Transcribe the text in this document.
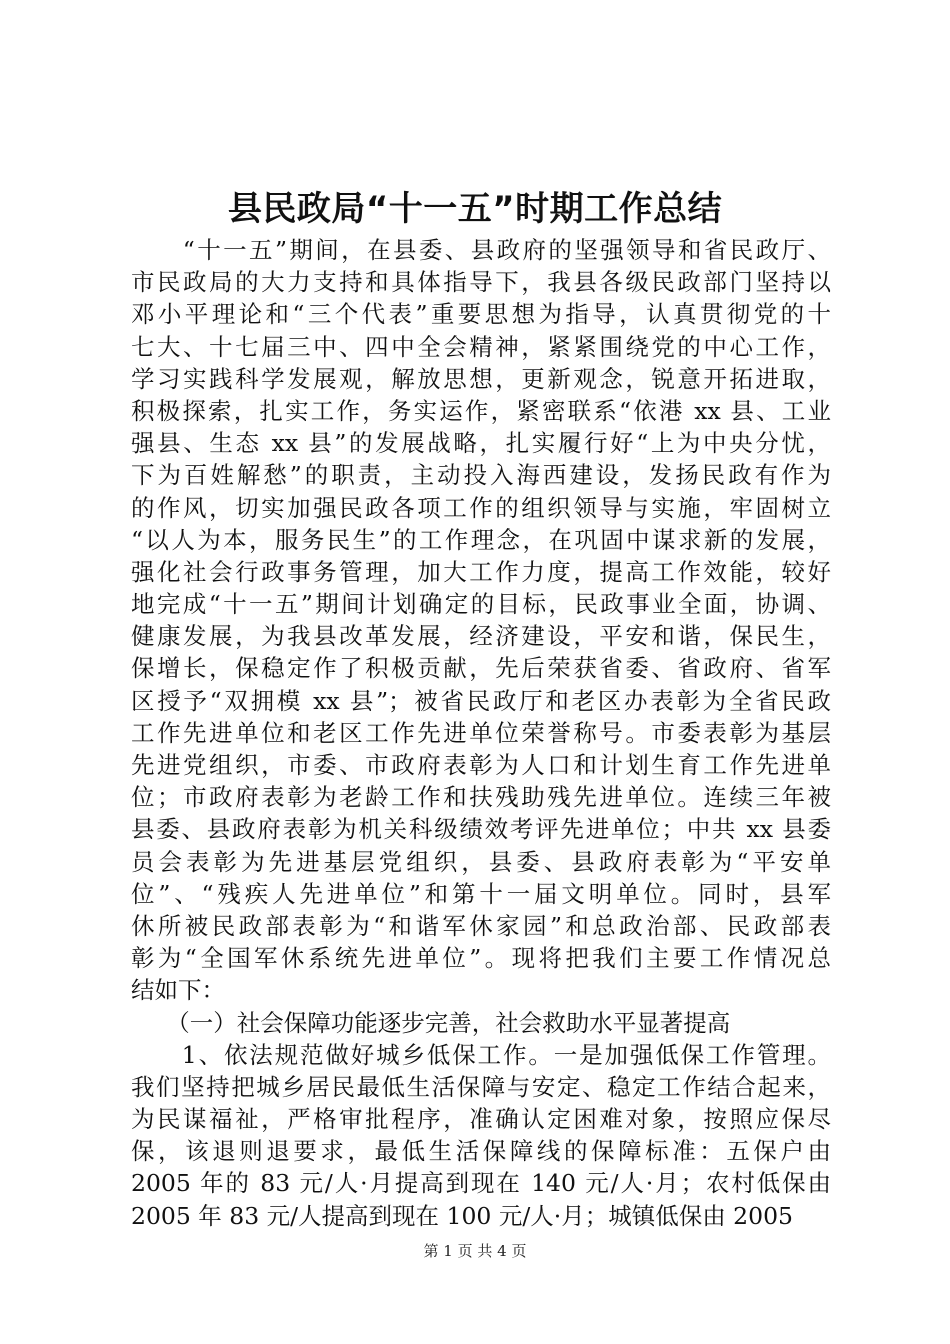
县民政局“十一五”时期工作总结
　　“十一五”期间，在县委、县政府的坚强领导和省民政厅、
市民政局的大力支持和具体指导下，我县各级民政部门坚持以
邓小平理论和“三个代表”重要思想为指导，认真贯彻党的十
七大、十七届三中、四中全会精神，紧紧围绕党的中心工作，
学习实践科学发展观，解放思想，更新观念，锐意开拓进取，
积极探索，扎实工作，务实运作，紧密联系“依港 xx 县、工业
强县、生态 xx 县”的发展战略，扎实履行好“上为中央分忧，
下为百姓解愁”的职责，主动投入海西建设，发扬民政有作为
的作风，切实加强民政各项工作的组织领导与实施，牢固树立
“以人为本，服务民生”的工作理念，在巩固中谋求新的发展，
强化社会行政事务管理，加大工作力度，提高工作效能，较好
地完成“十一五”期间计划确定的目标，民政事业全面，协调、
健康发展，为我县改革发展，经济建设，平安和谐，保民生，
保增长，保稳定作了积极贡献，先后荣获省委、省政府、省军
区授予“双拥模 xx 县”；被省民政厅和老区办表彰为全省民政
工作先进单位和老区工作先进单位荣誉称号。市委表彰为基层
先进党组织，市委、市政府表彰为人口和计划生育工作先进单
位；市政府表彰为老龄工作和扶残助残先进单位。连续三年被
县委、县政府表彰为机关科级绩效考评先进单位；中共 xx 县委
员会表彰为先进基层党组织，县委、县政府表彰为“平安单
位”、“残疾人先进单位”和第十一届文明单位。同时，县军
休所被民政部表彰为“和谐军休家园”和总政治部、民政部表
彰为“全国军休系统先进单位”。现将把我们主要工作情况总
结如下：
　　（一）社会保障功能逐步完善，社会救助水平显著提高
　　1、依法规范做好城乡低保工作。一是加强低保工作管理。
我们坚持把城乡居民最低生活保障与安定、稳定工作结合起来，
为民谋福祉，严格审批程序，准确认定困难对象，按照应保尽
保，该退则退要求，最低生活保障线的保障标准：五保户由
2005 年的 83 元/人·月提高到现在 140 元/人·月；农村低保由
2005 年 83 元/人提高到现在 100 元/人·月；城镇低保由 2005
第 1 页 共 4 页
